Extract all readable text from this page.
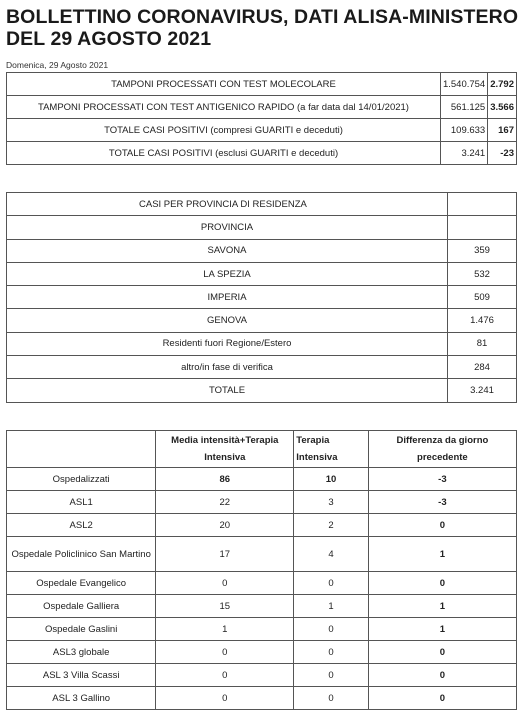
BOLLETTINO CORONAVIRUS, DATI ALISA-MINISTERO DEL 29 AGOSTO 2021
Domenica, 29 Agosto 2021
TAMPONI PROCESSATI CON TEST MOLECOLARE	1.540.754	2.792
TAMPONI PROCESSATI CON TEST ANTIGENICO RAPIDO (a far data dal 14/01/2021)	561.125	3.566
TOTALE CASI POSITIVI (compresi GUARITI e deceduti)	109.633	167
TOTALE CASI POSITIVI (esclusi GUARITI e deceduti)	3.241	-23
CASI PER PROVINCIA DI RESIDENZA	
PROVINCIA	
SAVONA	359
LA SPEZIA	532
IMPERIA	509
GENOVA	1.476
Residenti fuori Regione/Estero	81
altro/in fase di verifica	284
TOTALE	3.241
	Media intensità+Terapia Intensiva	Terapia Intensiva	Differenza da giorno precedente
Ospedalizzati	86	10	-3
ASL1	22	3	-3
ASL2	20	2	0
Ospedale Policlinico San Martino	17	4	1
Ospedale Evangelico	0	0	0
Ospedale Galliera	15	1	1
Ospedale Gaslini	1	0	1
ASL3 globale	0	0	0
ASL 3 Villa Scassi	0	0	0
ASL 3 Gallino	0	0	0
